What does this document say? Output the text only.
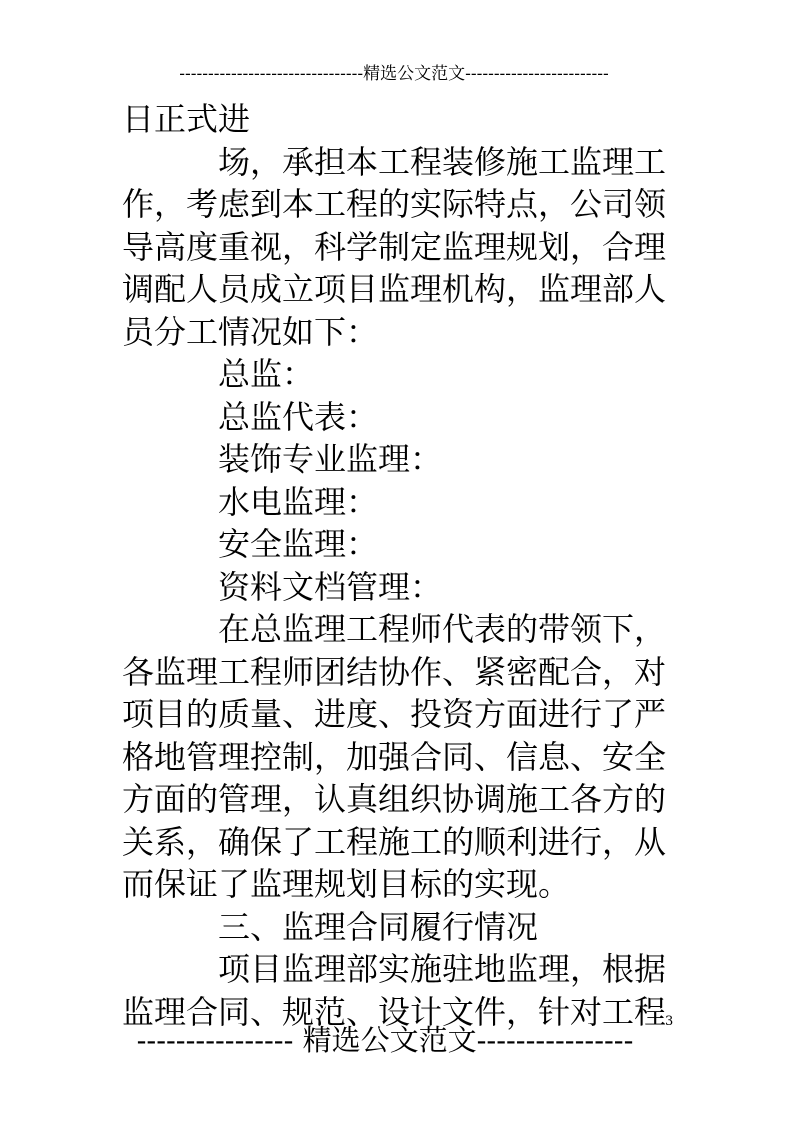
--------------------------------精选公文范文-------------------------
日正式进
场，承担本工程装修施工监理工
作，考虑到本工程的实际特点，公司领
导高度重视，科学制定监理规划，合理
调配人员成立项目监理机构，监理部人
员分工情况如下：
总监：
总监代表：
装饰专业监理：
水电监理：
安全监理：
资料文档管理：
在总监理工程师代表的带领下，
各监理工程师团结协作、紧密配合，对
项目的质量、进度、投资方面进行了严
格地管理控制，加强合同、信息、安全
方面的管理，认真组织协调施工各方的
关系，确保了工程施工的顺利进行，从
而保证了监理规划目标的实现。
三、监理合同履行情况
项目监理部实施驻地监理，根据
监理合同、规范、设计文件，针对工程
3
---------------- 精选公文范文----------------
